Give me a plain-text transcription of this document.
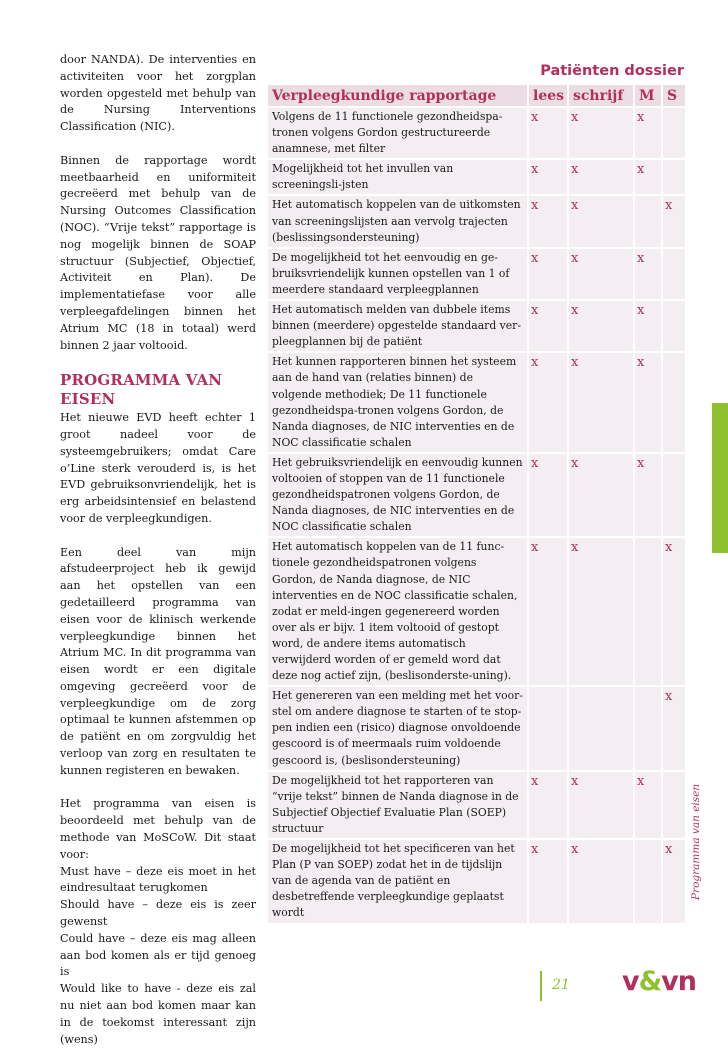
door NANDA). De interventies en activiteiten voor het zorgplan worden opgesteld met behulp van de Nursing Interventions Classification (NIC).

Binnen de rapportage wordt meetbaarheid en uniformiteit gecreëerd met behulp van de Nursing Outcomes Classification (NOC). “Vrije tekst” rapportage is nog mogelijk binnen de SOAP structuur (Subjectief, Objectief, Activiteit en Plan). De implementatiefase voor alle verpleegafdelingen binnen het Atrium MC (18 in totaal) werd binnen 2 jaar voltooid.

PROGRAMMA VAN EISEN

Het nieuwe EVD heeft echter 1 groot nadeel voor de systeemgebruikers; omdat Care o’Line sterk verouderd is, is het EVD gebruiksonvriendelijk, het is erg arbeidsintensief en belastend voor de verpleegkundigen.

Een deel van mijn afstudeerproject heb ik gewijd aan het opstellen van een gedetailleerd programma van eisen voor de klinisch werkende verpleegkundige binnen het Atrium MC. In dit programma van eisen wordt er een digitale omgeving gecreëerd voor de verpleegkundige om de zorg optimaal te kunnen afstemmen op de patiënt en om zorgvuldig het verloop van zorg en resultaten te kunnen registeren en bewaken.

Het programma van eisen is beoordeeld met behulp van de methode van MoSCoW. Dit staat voor:

Must have – deze eis moet in het eindresultaat terugkomen

Should have – deze eis is zeer gewenst

Could have – deze eis mag alleen aan bod komen als er tijd genoeg is

Would like to have - deze eis zal nu niet aan bod komen maar kan in de toekomst interessant zijn (wens)

Patiënten dossier
Verpleegkundige rapportage	lees	schrijf	M	S
Volgens de 11 functionele gezondheidspa-tronen volgens Gordon gestructureerde anamnese, met filter	x	x	x	
Mogelijkheid tot het invullen van screeningsli-jsten	x	x	x	
Het automatisch koppelen van de uitkomsten van screeningslijsten aan vervolg trajecten (beslissingsondersteuning)	x	x		x
De mogelijkheid tot het eenvoudig en ge-bruiksvriendelijk kunnen opstellen van 1 of meerdere standaard verpleegplannen	x	x	x	
Het automatisch melden van dubbele items binnen (meerdere) opgestelde standaard ver-pleegplannen bij de patiënt	x	x	x	
Het kunnen rapporteren binnen het systeem aan de hand van (relaties binnen) de volgende methodiek; De 11 functionele gezondheidspa-tronen volgens Gordon, de Nanda diagnoses, de NIC interventies en de NOC classificatie schalen	x	x	x	
Het gebruiksvriendelijk en eenvoudig kunnen voltooien of stoppen van de 11 functionele gezondheidspatronen volgens Gordon, de Nanda diagnoses, de NIC interventies en de NOC classificatie schalen	x	x	x	
Het automatisch koppelen van de 11 func-tionele gezondheidspatronen volgens Gordon, de Nanda diagnose, de NIC interventies en de NOC classificatie schalen, zodat er meld-ingen gegenereerd worden over als er bijv. 1 item voltooid of gestopt word, de andere items automatisch verwijderd worden of er gemeld word dat deze nog actief zijn, (beslisonderste-uning).	x	x		x
Het genereren van een melding met het voor-stel om andere diagnose te starten of te stop-pen indien een (risico) diagnose onvoldoende gescoord is of meermaals ruim voldoende gescoord is, (beslisondersteuning)				x
De mogelijkheid tot het rapporteren van “vrije tekst” binnen de Nanda diagnose in de Subjectief Objectief Evaluatie Plan (SOEP) structuur	x	x	x	
De mogelijkheid tot het specificeren van het Plan (P van SOEP) zodat het in de tijdslijn van de agenda van de patiënt en desbetreffende verpleegkundige geplaatst wordt	x	x		x Programma van eisen
21 v&vn
